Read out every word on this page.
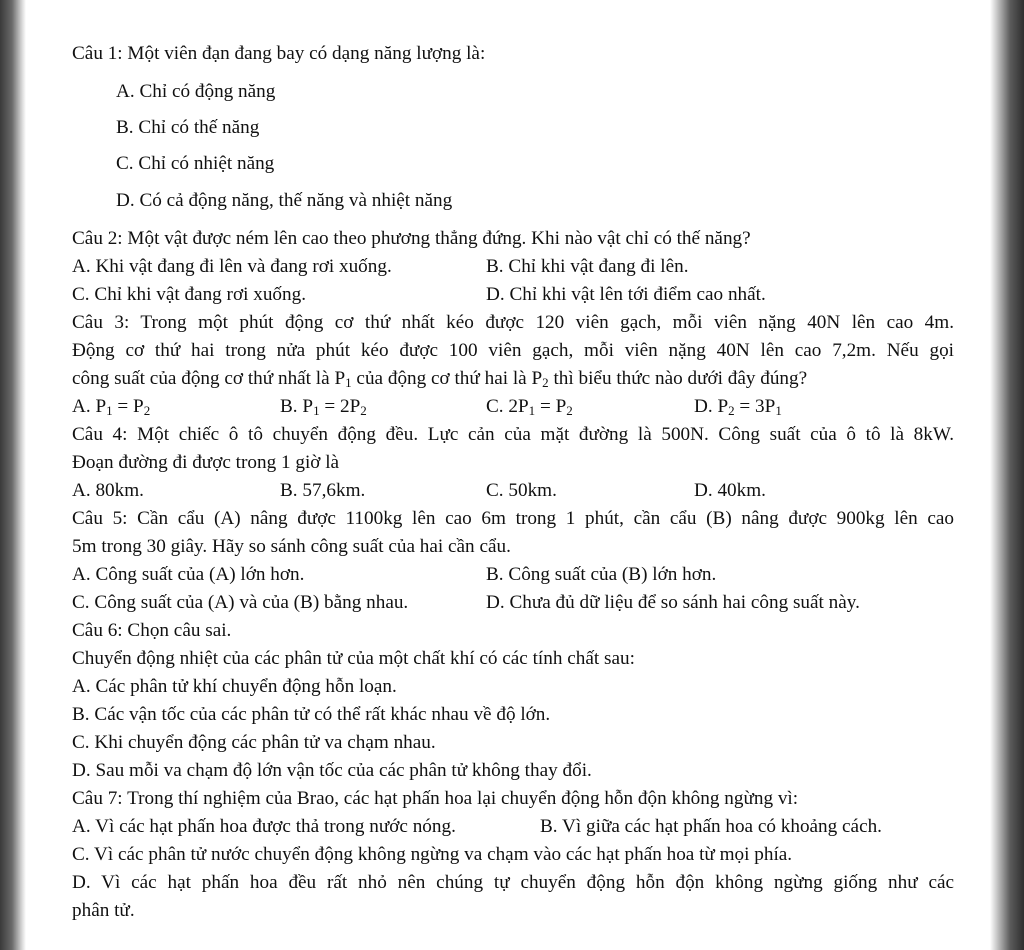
Câu 1: Một viên đạn đang bay có dạng năng lượng là:
A. Chỉ có động năng
B. Chỉ có thế năng
C. Chỉ có nhiệt năng
D. Có cả động năng, thế năng và nhiệt năng
Câu 2: Một vật được ném lên cao theo phương thẳng đứng. Khi nào vật chỉ có thế năng?
A. Khi vật đang đi lên và đang rơi xuống.	B. Chỉ khi vật đang đi lên.
C. Chỉ khi vật đang rơi xuống.	D. Chỉ khi vật lên tới điểm cao nhất.
Câu 3: Trong một phút động cơ thứ nhất kéo được 120 viên gạch, mỗi viên nặng 40N lên cao 4m.
Động cơ thứ hai trong nửa phút kéo được 100 viên gạch, mỗi viên nặng 40N lên cao 7,2m. Nếu gọi
công suất của động cơ thứ nhất là $P_1$ của động cơ thứ hai là $P_2$ thì biểu thức nào dưới đây đúng?
A. $P_1 = P_2$	B. $P_1 = 2P_2$	C. $2P_1 = P_2$	D. $P_2 = 3P_1$
Câu 4: Một chiếc ô tô chuyển động đều. Lực cản của mặt đường là 500N. Công suất của ô tô là 8kW.
Đoạn đường đi được trong 1 giờ là
A. 80km.	B. 57,6km.	C. 50km.	D. 40km.
Câu 5: Cần cẩu (A) nâng được 1100kg lên cao 6m trong 1 phút, cần cẩu (B) nâng được 900kg lên cao
5m trong 30 giây. Hãy so sánh công suất của hai cần cẩu.
A. Công suất của (A) lớn hơn.	B. Công suất của (B) lớn hơn.
C. Công suất của (A) và của (B) bằng nhau.	D. Chưa đủ dữ liệu để so sánh hai công suất này.
Câu 6: Chọn câu sai.
Chuyển động nhiệt của các phân tử của một chất khí có các tính chất sau:
A. Các phân tử khí chuyển động hỗn loạn.
B. Các vận tốc của các phân tử có thể rất khác nhau về độ lớn.
C. Khi chuyển động các phân tử va chạm nhau.
D. Sau mỗi va chạm độ lớn vận tốc của các phân tử không thay đổi.
Câu 7: Trong thí nghiệm của Brao, các hạt phấn hoa lại chuyển động hỗn độn không ngừng vì:
A. Vì các hạt phấn hoa được thả trong nước nóng.	B. Vì giữa các hạt phấn hoa có khoảng cách.
C. Vì các phân tử nước chuyển động không ngừng va chạm vào các hạt phấn hoa từ mọi phía.
D. Vì các hạt phấn hoa đều rất nhỏ nên chúng tự chuyển động hỗn độn không ngừng giống như các
phân tử.
